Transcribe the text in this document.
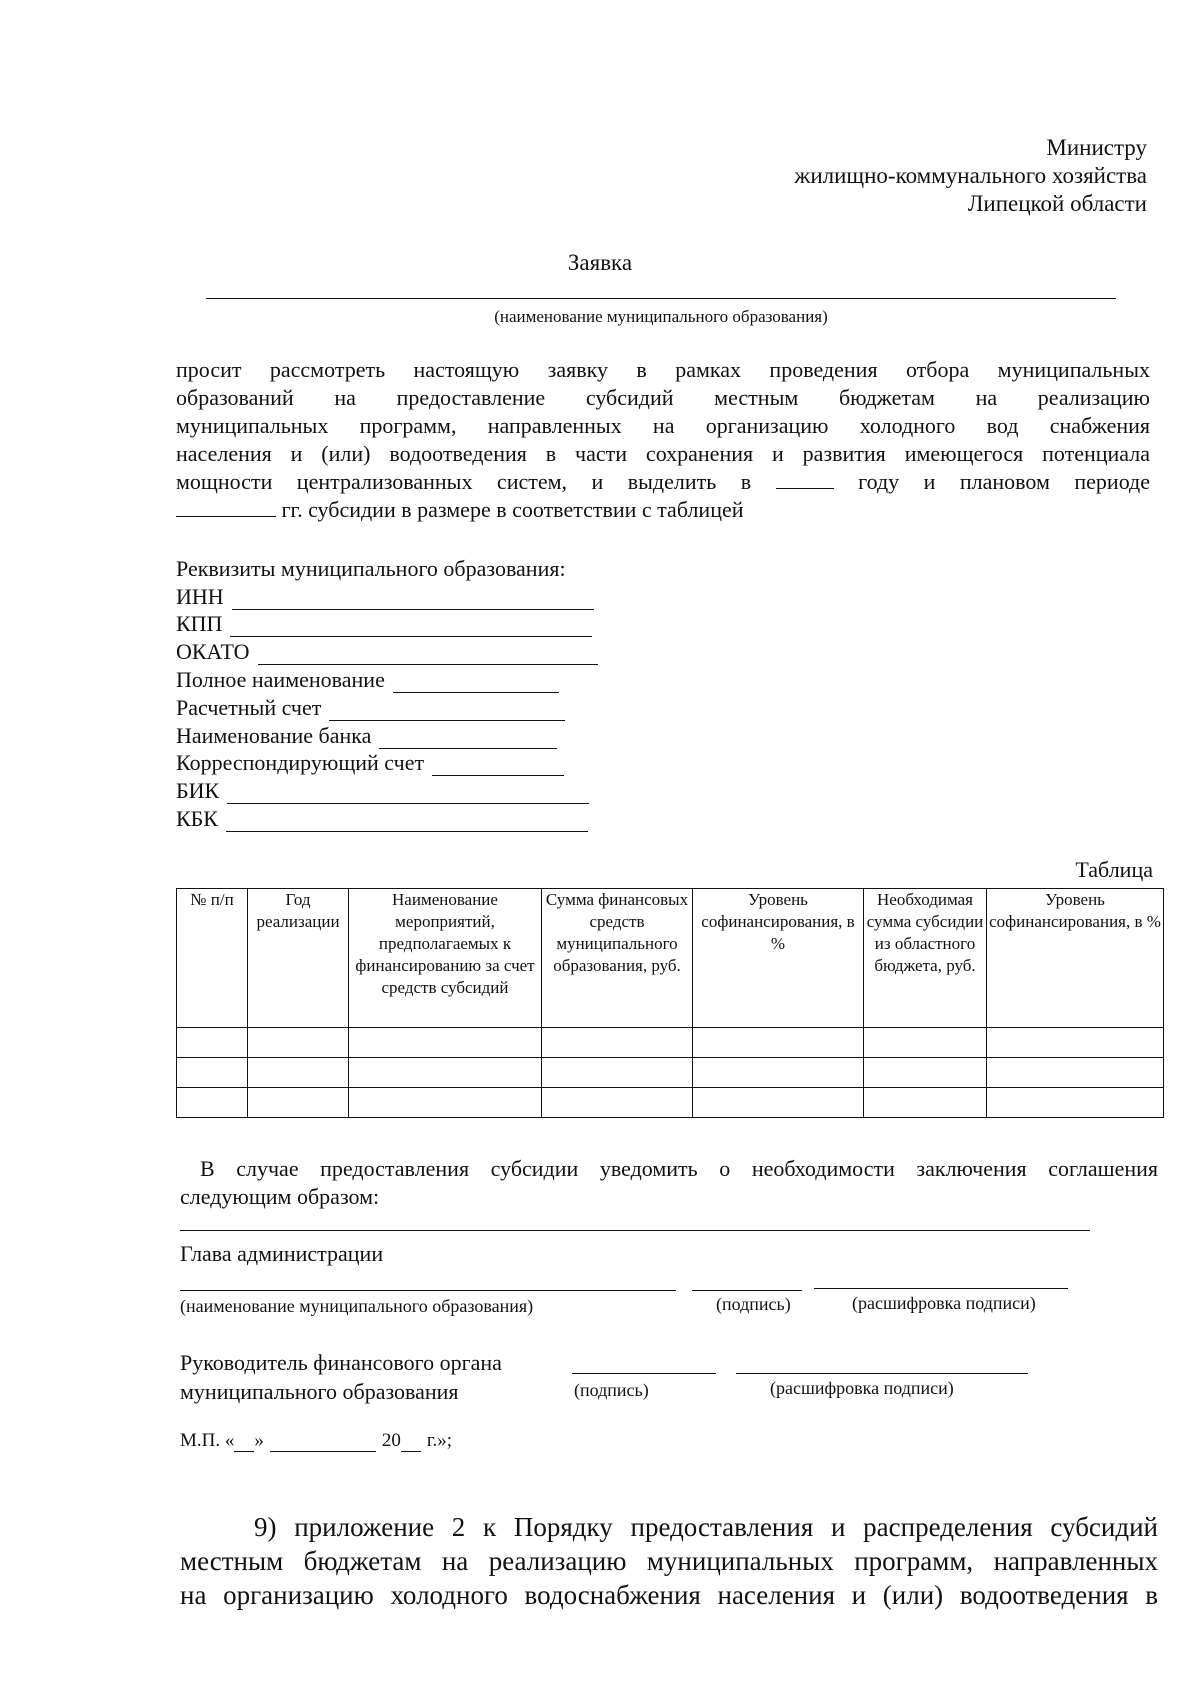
Министру
жилищно-коммунального хозяйства
Липецкой области
Заявка
(наименование муниципального образования)
просит рассмотреть настоящую заявку в рамках проведения отбора муниципальных
образований на предоставление субсидий местным бюджетам на реализацию
муниципальных программ, направленных на организацию холодного вод снабжения
населения и (или) водоотведения в части сохранения и развития имеющегося потенциала
мощности централизованных систем, и выделить в	году и плановом периоде
гг. субсидии в размере в соответствии с таблицей
Реквизиты муниципального образования:
ИНН
КПП
ОКАТО
Полное наименование
Расчетный счет
Наименование банка
Корреспондирующий счет
БИК
КБК
Таблица
№ п/п	Год реализации	Наименование мероприятий, предполагаемых к финансированию за счет средств субсидий	Сумма финансовых средств муниципального образования, руб.	Уровень софинансирования, в %	Необходимая сумма субсидии из областного бюджета, руб.	Уровень софинансирования, в %

В случае предоставления субсидии уведомить о необходимости заключения соглашения
следующим образом:
Глава администрации
(наименование муниципального образования)	(подпись)	(расшифровка подписи)
Руководитель финансового органа
муниципального образования	(подпись)	(расшифровка подписи)
М.П. « »	20 г.»;
9) приложение 2 к Порядку предоставления и распределения субсидий
местным бюджетам на реализацию муниципальных программ, направленных
на организацию холодного водоснабжения населения и (или) водоотведения в
